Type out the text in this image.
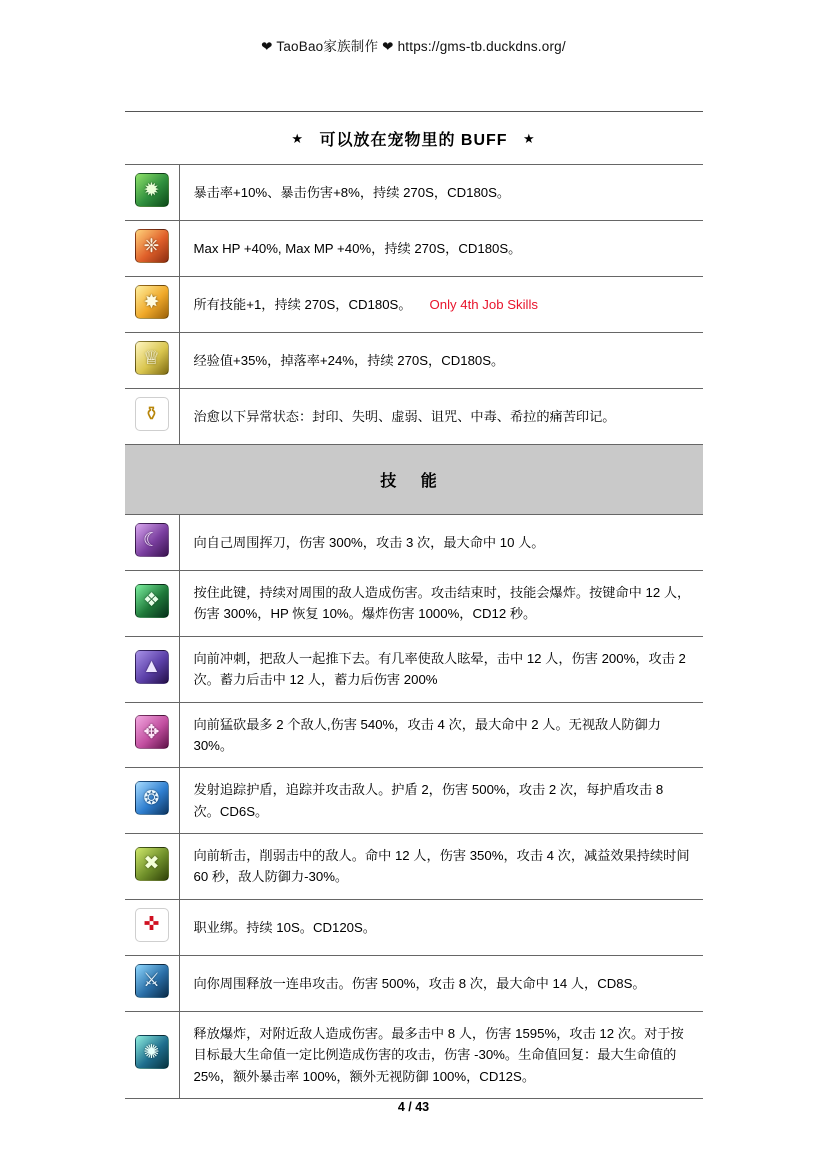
❤ TaoBao家族制作 ❤ https://gms-tb.duckdns.org/
★ 可以放在宠物里的 BUFF ★
✹	暴击率+10%、暴击伤害+8%，持续 270S，CD180S。

❈	Max HP +40%, Max MP +40%，持续 270S，CD180S。

✸	所有技能+1，持续 270S，CD180S。 Only 4th Job Skills

♕	经验值+35%，掉落率+24%，持续 270S，CD180S。

⚱	治愈以下异常状态：封印、失明、虚弱、诅咒、中毒、希拉的痛苦印记。

技 能	

☾	向自己周围挥刀，伤害 300%，攻击 3 次，最大命中 10 人。

❖	按住此键，持续对周围的敌人造成伤害。攻击结束时，技能会爆炸。按键命中 12 人，伤害 300%，HP 恢复 10%。爆炸伤害 1000%，CD12 秒。

▲	向前冲刺，把敌人一起推下去。有几率使敌人眩晕，击中 12 人，伤害 200%，攻击 2 次。蓄力后击中 12 人，蓄力后伤害 200%

✥	向前猛砍最多 2 个敌人,伤害 540%，攻击 4 次，最大命中 2 人。无视敌人防御力 30%。

❂	发射追踪护盾，追踪并攻击敌人。护盾 2，伤害 500%，攻击 2 次，每护盾攻击 8 次。CD6S。

✖	向前斩击，削弱击中的敌人。命中 12 人，伤害 350%，攻击 4 次，减益效果持续时间 60 秒，敌人防御力-30%。

✜	职业绑。持续 10S。CD120S。

⚔	向你周围释放一连串攻击。伤害 500%，攻击 8 次，最大命中 14 人，CD8S。

✺	释放爆炸，对附近敌人造成伤害。最多击中 8 人，伤害 1595%，攻击 12 次。对于按目标最大生命值一定比例造成伤害的攻击，伤害 -30%。生命值回复：最大生命值的 25%，额外暴击率 100%，额外无视防御 100%，CD12S。
4 / 43
